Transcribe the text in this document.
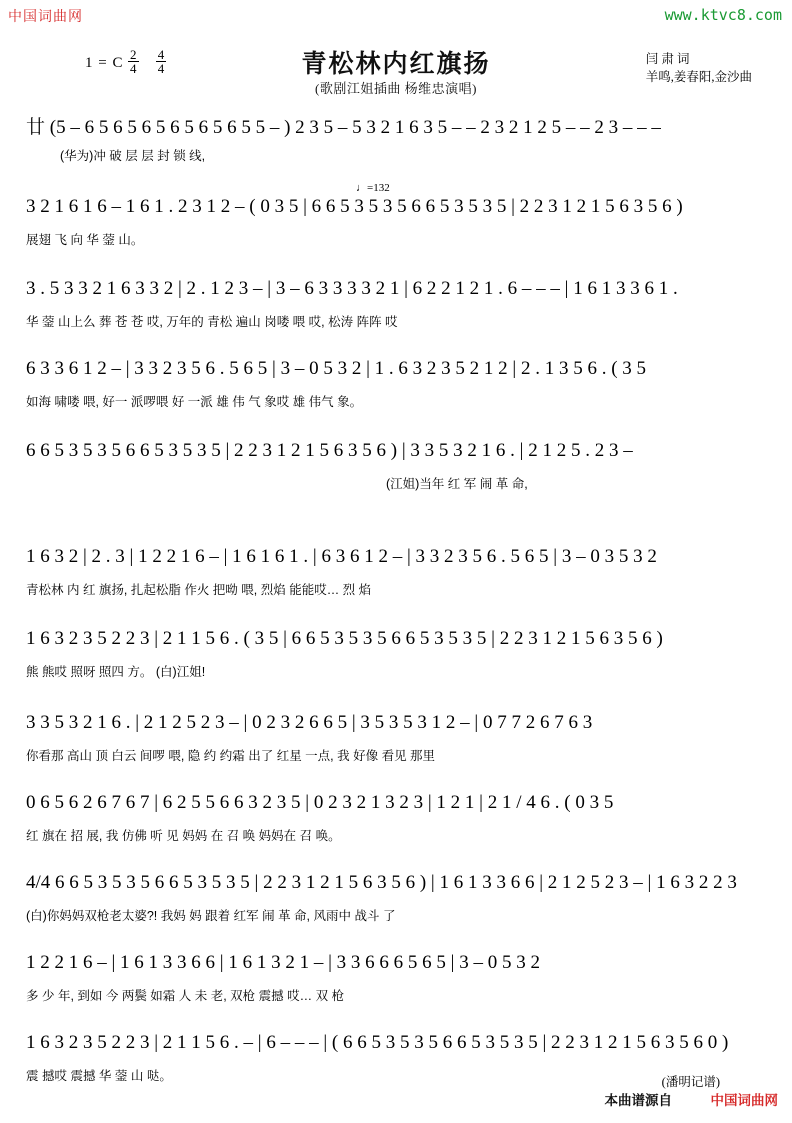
中国词曲网	www.ktvc8.com
1 = C $\frac{2}{4}$
$\frac{4}{4}$	青松林内红旗扬
(歌剧江姐插曲 杨维忠演唱)
闫 肃 词
羊鸣,姜春阳,金沙曲
廿 (5 – 6 5 6 5 6 5 6 5 6 5 6 5 5 – ) 2 3 5 – 5 3 2 1 6 3 5 – – 2 3 2 1 2 5 – – 2 3 – – –
(华为)冲 破 层 层 封 锁 线,
♩=132
3 2 1 6 1 6 – 1 6 1 . 2 3 1 2 – ( 0 3 5 | 6 6 5 3 5 3 5 6 6 5 3 5 3 5 | 2 2 3 1 2 1 5 6 3 5 6 )
展翅 飞 向 华 蓥 山。
3 . 5 3 3 2 1 6 3 3 2 | 2 . 1 2 3 – | 3 – 6 3 3 3 3 2 1 | 6 2 2 1 2 1 . 6 – – – | 1 6 1 3 3 6 1 .
华 蓥 山上么 葬 苍 苍 哎, 万年的 青松 遍山 岗喽 喂 哎, 松涛 阵阵 哎
6 3 3 6 1 2 – | 3 3 2 3 5 6 . 5 6 5 | 3 – 0 5 3 2 | 1 . 6 3 2 3 5 2 1 2 | 2 . 1 3 5 6 . ( 3 5
如海 啸喽 喂, 好一 派啰喂 好 一派 雄 伟 气 象哎 雄 伟气 象。
6 6 5 3 5 3 5 6 6 5 3 5 3 5 | 2 2 3 1 2 1 5 6 3 5 6 ) | 3 3 5 3 2 1 6 . | 2 1 2 5 . 2 3 –
(江姐)当年 红 军 闹 革 命,
1 6 3 2 | 2 . 3 | 1 2 2 1 6 – | 1 6 1 6 1 . | 6 3 6 1 2 – | 3 3 2 3 5 6 . 5 6 5 | 3 – 0 3 5 3 2
青松林 内 红 旗扬, 扎起松脂 作火 把呦 喂, 烈焰 能能哎… 烈 焰
1 6 3 2 3 5 2 2 3 | 2 1 1 5 6 . ( 3 5 | 6 6 5 3 5 3 5 6 6 5 3 5 3 5 | 2 2 3 1 2 1 5 6 3 5 6 )
熊 熊哎 照呀 照四 方。 (白)江姐!
3 3 5 3 2 1 6 . | 2 1 2 5 2 3 – | 0 2 3 2 6 6 5 | 3 5 3 5 3 1 2 – | 0 7 7 2 6 7 6 3
你看那 高山 顶 白云 间啰 喂, 隐 约 约霜 出了 红星 一点, 我 好像 看见 那里
0 6 5 6 2 6 7 6 7 | 6 2 5 5 6 6 3 2 3 5 | 0 2 3 2 1 3 2 3 | 1 2 1 | 2 1 / 4 6 . ( 0 3 5
红 旗在 招 展, 我 仿佛 听 见 妈妈 在 召 唤 妈妈在 召 唤。
4/4 6 6 5 3 5 3 5 6 6 5 3 5 3 5 | 2 2 3 1 2 1 5 6 3 5 6 ) | 1 6 1 3 3 6 6 | 2 1 2 5 2 3 – | 1 6 3 2 2 3
(白)你妈妈双枪老太婆?! 我妈 妈 跟着 红军 闹 革 命, 风雨中 战斗 了
1 2 2 1 6 – | 1 6 1 3 3 6 6 | 1 6 1 3 2 1 – | 3 3 6 6 6 5 6 5 | 3 – 0 5 3 2
多 少 年, 到如 今 两鬓 如霜 人 未 老, 双枪 震撼 哎… 双 枪
1 6 3 2 3 5 2 2 3 | 2 1 1 5 6 . – | 6 – – – | ( 6 6 5 3 5 3 5 6 6 5 3 5 3 5 | 2 2 3 1 2 1 5 6 3 5 6 0 )
震 撼哎 震撼 华 蓥 山 哒。	(潘明记谱)
本曲谱源自	中国词曲网
